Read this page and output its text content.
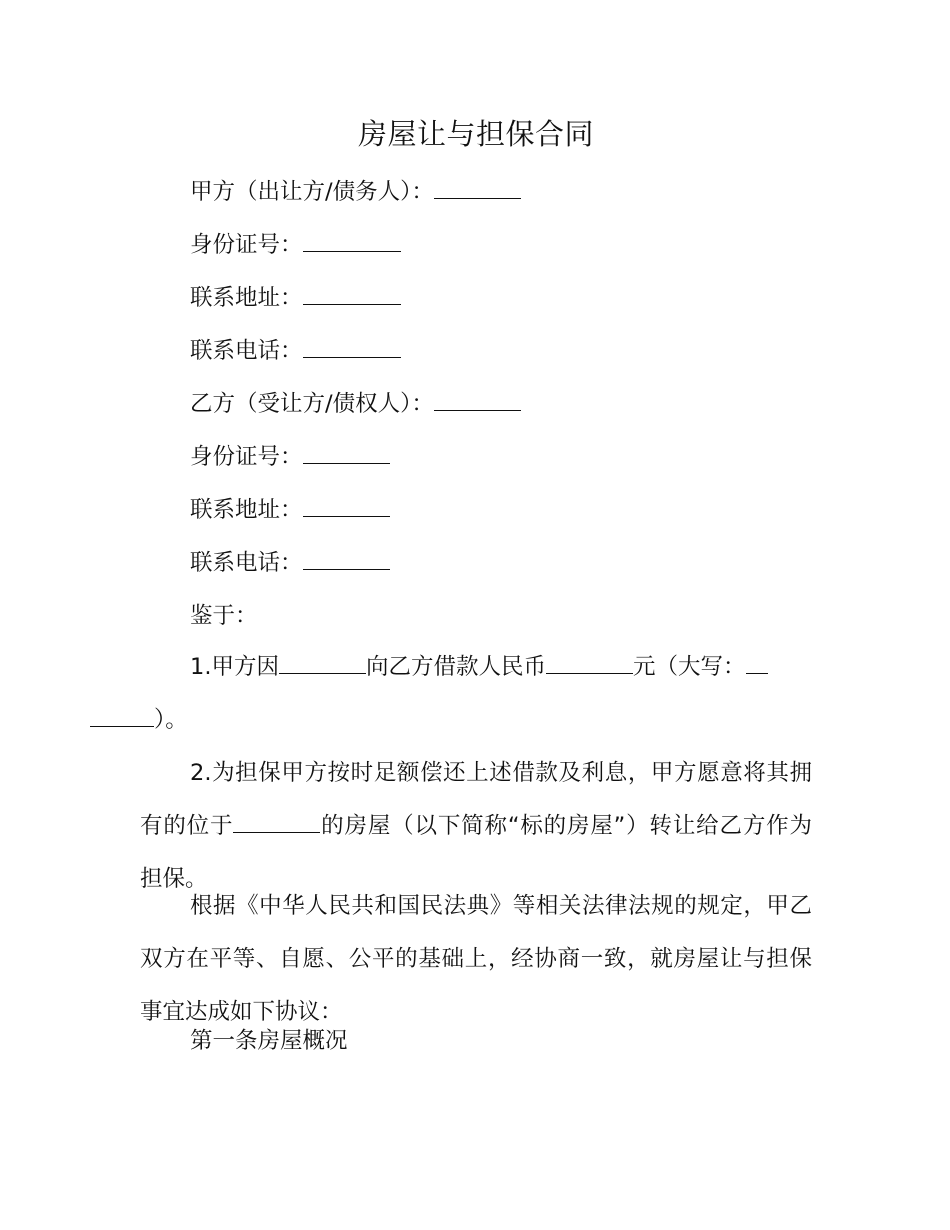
房屋让与担保合同
甲方（出让方/债务人）：
身份证号：
联系地址：
联系电话：
乙方（受让方/债权人）：
身份证号：
联系地址：
联系电话：
鉴于：
1.甲方因	向乙方借款人民币	元（大写：
）。
2.为担保甲方按时足额偿还上述借款及利息，甲方愿意将其拥有的位于	的房屋（以下简称“标的房屋”）转让给乙方作为担保。
根据《中华人民共和国民法典》等相关法律法规的规定，甲乙双方在平等、自愿、公平的基础上，经协商一致，就房屋让与担保事宜达成如下协议：
第一条房屋概况
